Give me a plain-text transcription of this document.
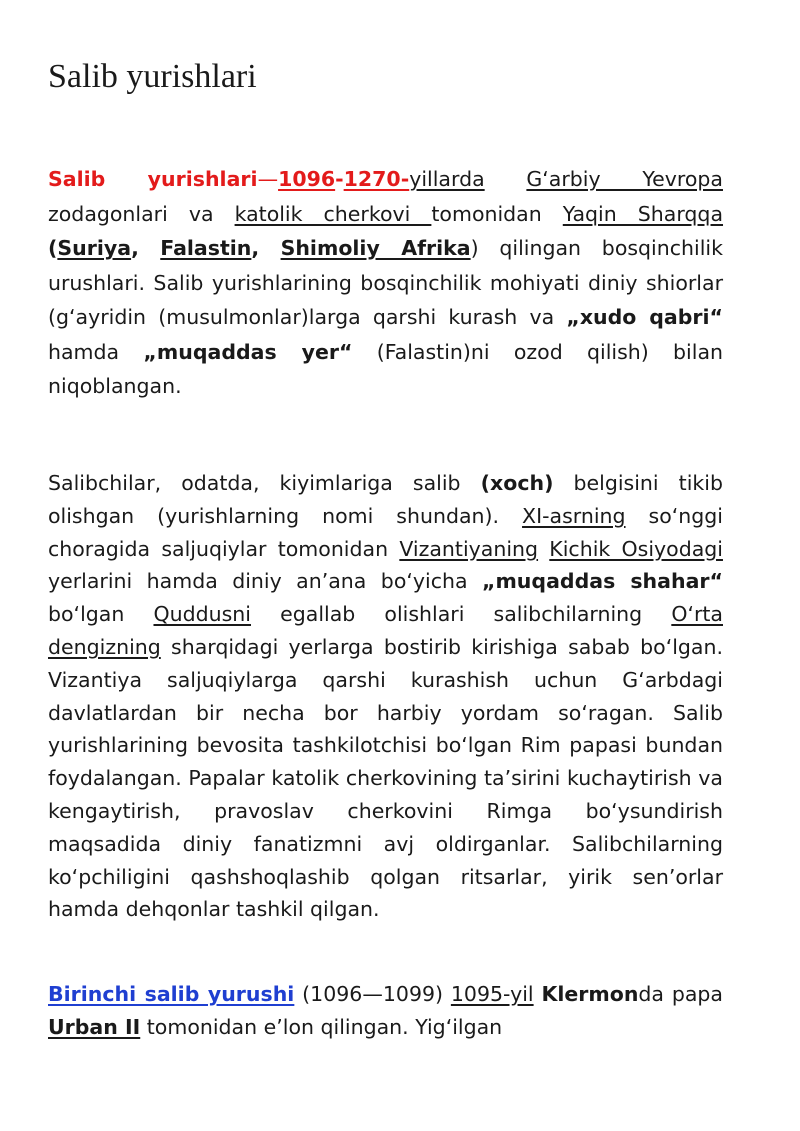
Salib yurishlari

Salib yurishlari—1096-1270-yillarda G‘arbiy Yevropa zodagonlari va katolik cherkovi tomonidan Yaqin Sharqqa (Suriya, Falastin, Shimoliy Afrika) qilingan bosqinchilik urushlari. Salib yurishlarining bosqinchilik mohiyati diniy shiorlar (g‘ayridin (musulmonlar)larga qarshi kurash va „xudo qabri“ hamda „muqaddas yer“ (Falastin)ni ozod qilish) bilan niqoblangan.

Salibchilar, odatda, kiyimlariga salib (xoch) belgisini tikib olishgan (yurishlarning nomi shundan). XI-asrning so‘nggi choragida saljuqiylar tomonidan Vizantiyaning Kichik Osiyodagi yerlarini hamda diniy an’ana bo‘yicha „muqaddas shahar“ bo‘lgan Quddusni egallab olishlari salibchilarning O‘rta dengizning sharqidagi yerlarga bostirib kirishiga sabab bo‘lgan. Vizantiya saljuqiylarga qarshi kurashish uchun G‘arbdagi davlatlardan bir necha bor harbiy yordam so‘ragan. Salib yurishlarining bevosita tashkilotchisi bo‘lgan Rim papasi bundan foydalangan. Papalar katolik cherkovining ta’sirini kuchaytirish va kengaytirish, pravoslav cherkovini Rimga bo‘ysundirish maqsadida diniy fanatizmni avj oldirganlar. Salibchilarning ko‘pchiligini qashshoqlashib qolgan ritsarlar, yirik sen’orlar hamda dehqonlar tashkil qilgan.

Birinchi salib yurushi (1096—1099) 1095-yil Klermonda papa Urban II tomonidan e’lon qilingan. Yig‘ilgan
